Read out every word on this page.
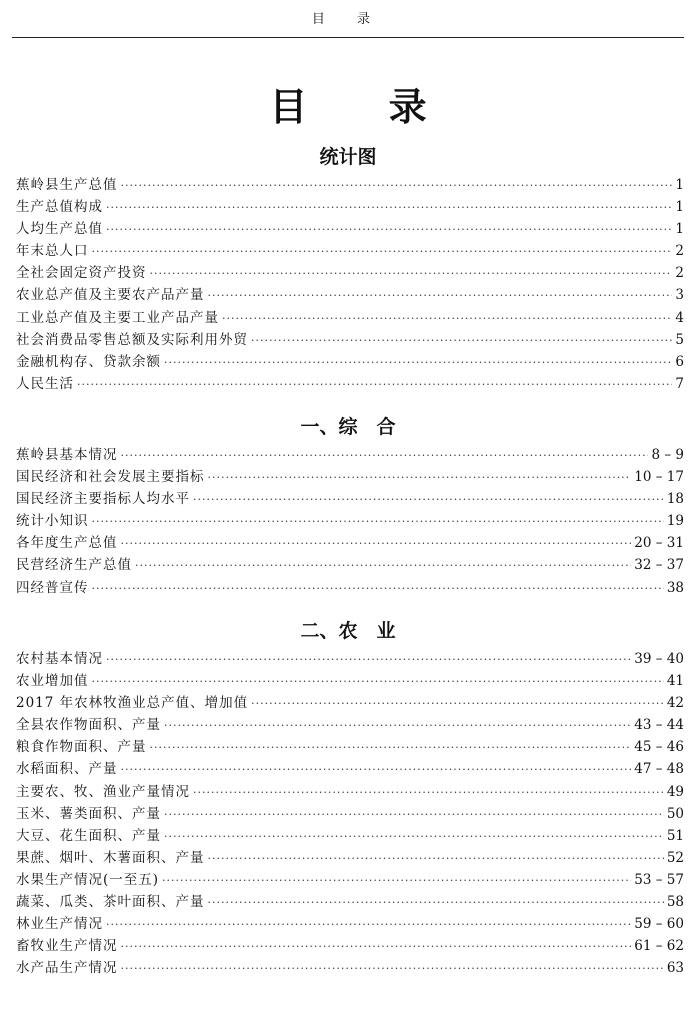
目 录
目 录
统计图
蕉岭县生产总值 ·····	1
生产总值构成 ·····	1
人均生产总值 ·····	1
年末总人口 ·····	2
全社会固定资产投资 ·····	2
农业总产值及主要农产品产量 ·····	3
工业总产值及主要工业产品产量 ·····	4
社会消费品零售总额及实际利用外贸 ·····	5
金融机构存、贷款余额 ·····	6
人民生活 ·····	7
一、综　合
蕉岭县基本情况 ·····	8 – 9
国民经济和社会发展主要指标 ·····	10 – 17
国民经济主要指标人均水平 ·····	18
统计小知识 ·····	19
各年度生产总值 ·····	20 – 31
民营经济生产总值 ·····	32 – 37
四经普宣传 ·····	38
二、农　业
农村基本情况 ·····	39 – 40
农业增加值 ·····	41
2017 年农林牧渔业总产值、增加值 ·····	42
全县农作物面积、产量 ·····	43 – 44
粮食作物面积、产量 ·····	45 – 46
水稻面积、产量 ·····	47 – 48
主要农、牧、渔业产量情况 ·····	49
玉米、薯类面积、产量 ·····	50
大豆、花生面积、产量 ·····	51
果蔗、烟叶、木薯面积、产量 ·····	52
水果生产情况(一至五) ·····	53 – 57
蔬菜、瓜类、茶叶面积、产量 ·····	58
林业生产情况 ·····	59 – 60
畜牧业生产情况 ·····	61 – 62
水产品生产情况 ·····	63
